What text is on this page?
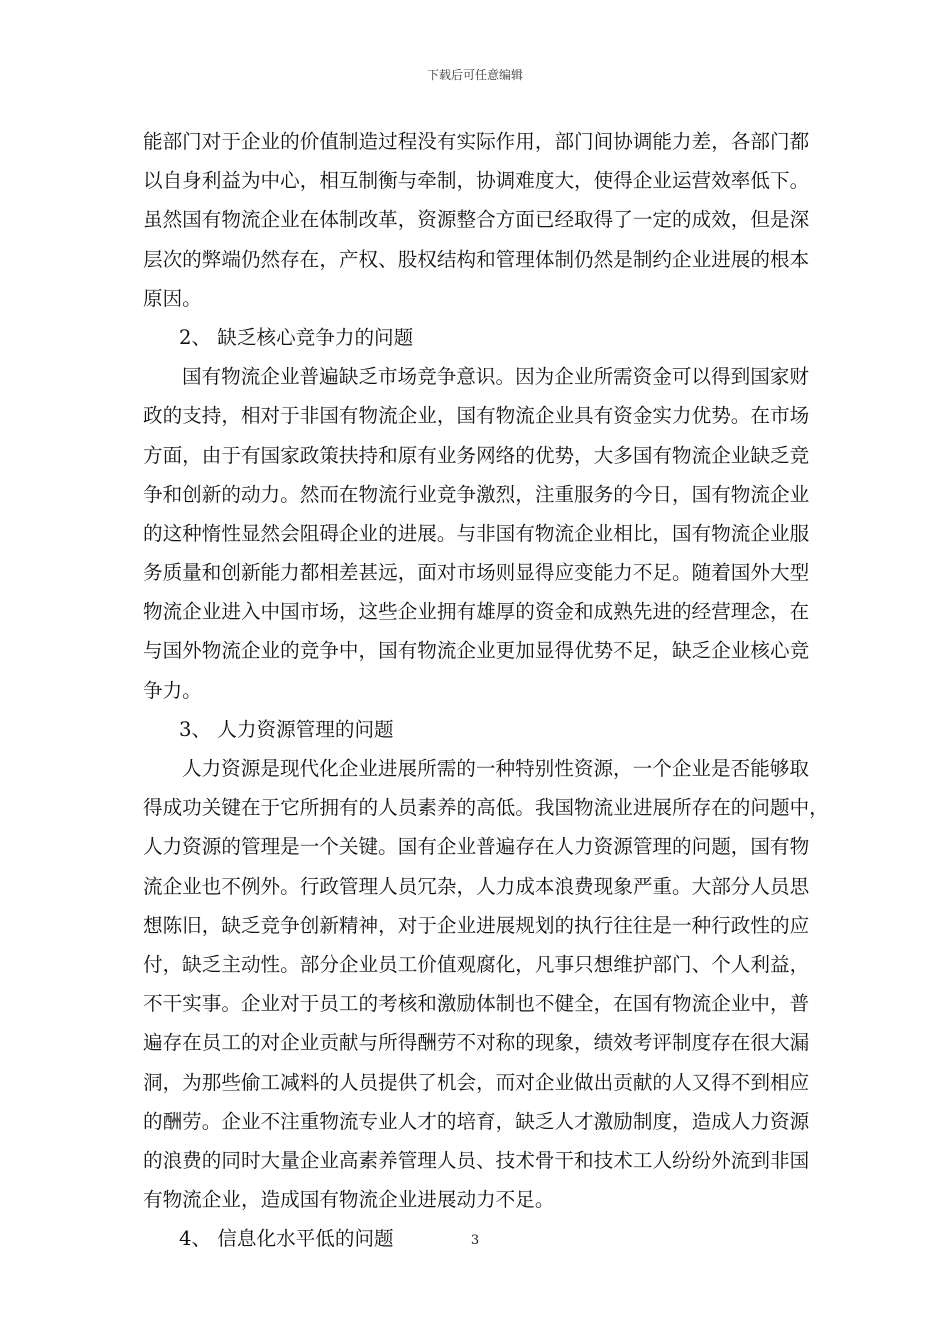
下载后可任意编辑
能部门对于企业的价值制造过程没有实际作用，部门间协调能力差，各部门都
以自身利益为中心，相互制衡与牵制，协调难度大，使得企业运营效率低下。
虽然国有物流企业在体制改革，资源整合方面已经取得了一定的成效，但是深
层次的弊端仍然存在，产权、股权结构和管理体制仍然是制约企业进展的根本
原因。
2、 缺乏核心竞争力的问题
国有物流企业普遍缺乏市场竞争意识。因为企业所需资金可以得到国家财
政的支持，相对于非国有物流企业，国有物流企业具有资金实力优势。在市场
方面，由于有国家政策扶持和原有业务网络的优势，大多国有物流企业缺乏竞
争和创新的动力。然而在物流行业竞争激烈，注重服务的今日，国有物流企业
的这种惰性显然会阻碍企业的进展。与非国有物流企业相比，国有物流企业服
务质量和创新能力都相差甚远，面对市场则显得应变能力不足。随着国外大型
物流企业进入中国市场，这些企业拥有雄厚的资金和成熟先进的经营理念，在
与国外物流企业的竞争中，国有物流企业更加显得优势不足，缺乏企业核心竞
争力。
3、 人力资源管理的问题
人力资源是现代化企业进展所需的一种特别性资源，一个企业是否能够取
得成功关键在于它所拥有的人员素养的高低。我国物流业进展所存在的问题中，
人力资源的管理是一个关键。国有企业普遍存在人力资源管理的问题，国有物
流企业也不例外。行政管理人员冗杂，人力成本浪费现象严重。大部分人员思
想陈旧，缺乏竞争创新精神，对于企业进展规划的执行往往是一种行政性的应
付，缺乏主动性。部分企业员工价值观腐化，凡事只想维护部门、个人利益，
不干实事。企业对于员工的考核和激励体制也不健全，在国有物流企业中，普
遍存在员工的对企业贡献与所得酬劳不对称的现象，绩效考评制度存在很大漏
洞，为那些偷工减料的人员提供了机会，而对企业做出贡献的人又得不到相应
的酬劳。企业不注重物流专业人才的培育，缺乏人才激励制度，造成人力资源
的浪费的同时大量企业高素养管理人员、技术骨干和技术工人纷纷外流到非国
有物流企业，造成国有物流企业进展动力不足。
4、 信息化水平低的问题	3
